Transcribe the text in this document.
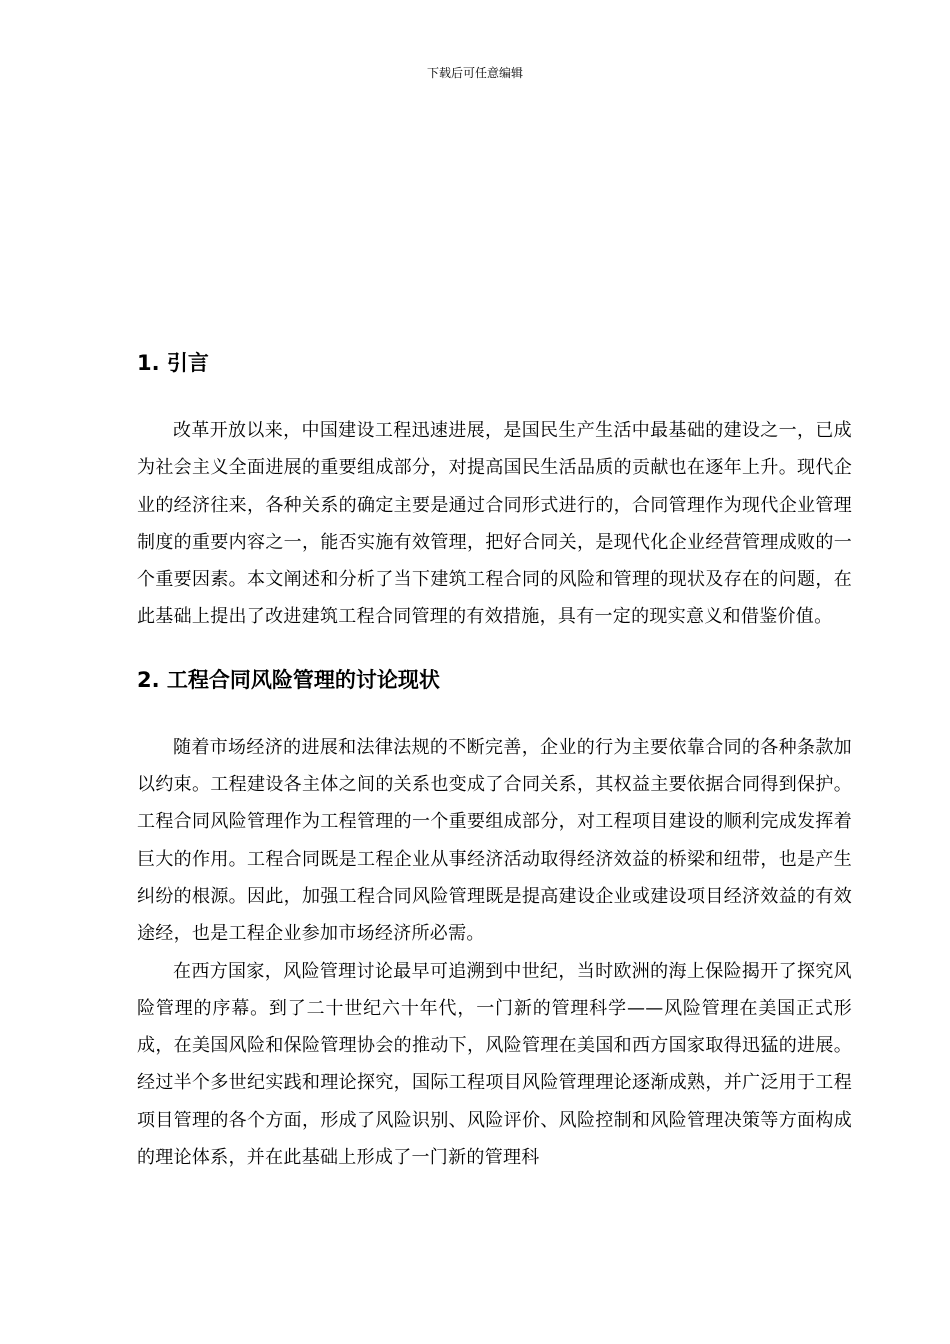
下载后可任意编辑
1. 引言

改革开放以来，中国建设工程迅速进展，是国民生产生活中最基础的建设之一，已成为社会主义全面进展的重要组成部分，对提高国民生活品质的贡献也在逐年上升。现代企业的经济往来，各种关系的确定主要是通过合同形式进行的，合同管理作为现代企业管理制度的重要内容之一，能否实施有效管理，把好合同关，是现代化企业经营管理成败的一个重要因素。本文阐述和分析了当下建筑工程合同的风险和管理的现状及存在的问题，在此基础上提出了改进建筑工程合同管理的有效措施，具有一定的现实意义和借鉴价值。

2. 工程合同风险管理的讨论现状

随着市场经济的进展和法律法规的不断完善，企业的行为主要依靠合同的各种条款加以约束。工程建设各主体之间的关系也变成了合同关系，其权益主要依据合同得到保护。工程合同风险管理作为工程管理的一个重要组成部分，对工程项目建设的顺利完成发挥着巨大的作用。工程合同既是工程企业从事经济活动取得经济效益的桥梁和纽带，也是产生纠纷的根源。因此，加强工程合同风险管理既是提高建设企业或建设项目经济效益的有效途经，也是工程企业参加市场经济所必需。

在西方国家，风险管理讨论最早可追溯到中世纪，当时欧洲的海上保险揭开了探究风险管理的序幕。到了二十世纪六十年代，一门新的管理科学——风险管理在美国正式形成，在美国风险和保险管理协会的推动下，风险管理在美国和西方国家取得迅猛的进展。经过半个多世纪实践和理论探究，国际工程项目风险管理理论逐渐成熟，并广泛用于工程项目管理的各个方面，形成了风险识别、风险评价、风险控制和风险管理决策等方面构成的理论体系，并在此基础上形成了一门新的管理科
